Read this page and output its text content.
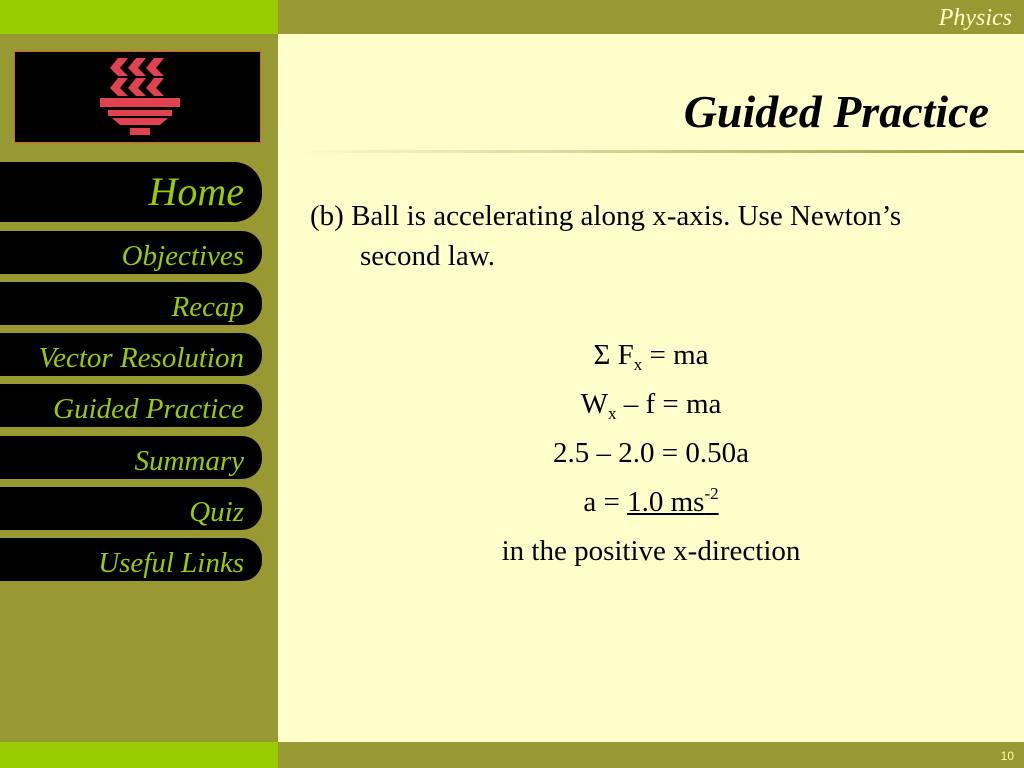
Physics
Home
Objectives
Recap
Vector Resolution
Guided Practice
Summary
Quiz
Useful Links
Guided Practice
(b) Ball is accelerating along x-axis. Use Newton’s second law.
Σ $F_x$ = ma
$W_x$ – f = ma
2.5 – 2.0 = 0.50a
a = 1.0 $ms^{-2}$
in the positive x-direction
10
